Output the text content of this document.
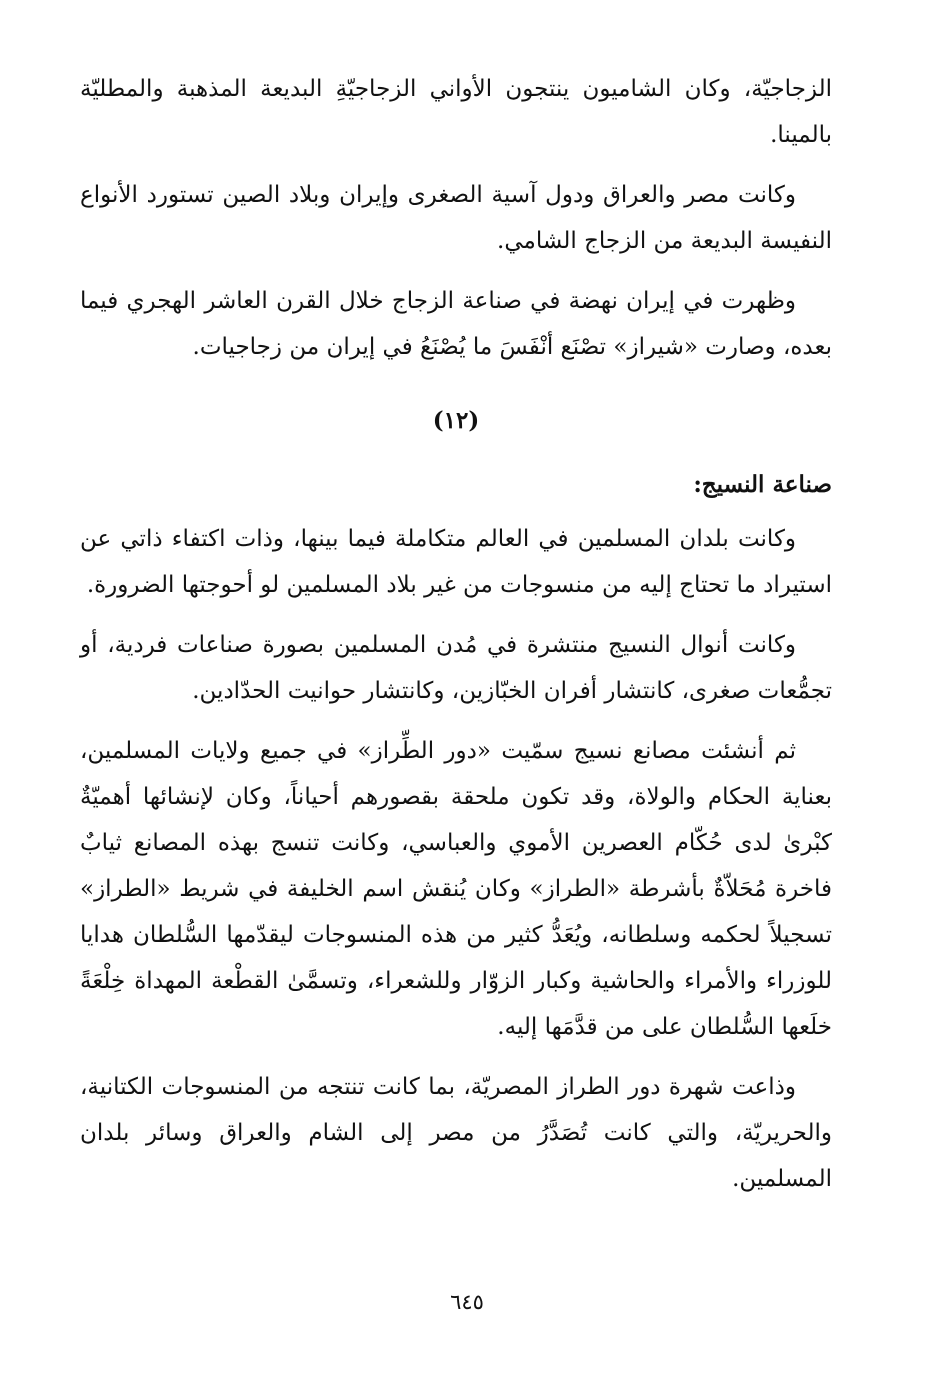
الزجاجيّة، وكان الشاميون ينتجون الأواني الزجاجيّةِ البديعة المذهبة والمطليّة بالمينا.

وكانت مصر والعراق ودول آسية الصغرى وإيران وبلاد الصين تستورد الأنواع النفيسة البديعة من الزجاج الشامي.

وظهرت في إيران نهضة في صناعة الزجاج خلال القرن العاشر الهجري فيما بعده، وصارت «شيراز» تصْنَع أنْفَسَ ما يُصْنَعُ في إيران من زجاجيات.

(١٢)
صناعة النسيج:

وكانت بلدان المسلمين في العالم متكاملة فيما بينها، وذات اكتفاء ذاتي عن استيراد ما تحتاج إليه من منسوجات من غير بلاد المسلمين لو أحوجتها الضرورة.

وكانت أنوال النسيج منتشرة في مُدن المسلمين بصورة صناعات فردية، أو تجمُّعات صغرى، كانتشار أفران الخبّازين، وكانتشار حوانيت الحدّادين.

ثم أنشئت مصانع نسيج سمّيت «دور الطِّراز» في جميع ولايات المسلمين، بعناية الحكام والولاة، وقد تكون ملحقة بقصورهم أحياناً، وكان لإنشائها أهميّةٌ كبْرىٰ لدى حُكّام العصرين الأموي والعباسي، وكانت تنسج بهذه المصانع ثيابٌ فاخرة مُحَلاّةٌ بأشرطة «الطراز» وكان يُنقش اسم الخليفة في شريط «الطراز» تسجيلاً لحكمه وسلطانه، ويُعَدُّ كثير من هذه المنسوجات ليقدّمها السُّلطان هدايا للوزراء والأمراء والحاشية وكبار الزوّار وللشعراء، وتسمَّىٰ القطْعة المهداة خِلْعَةً خلَعها السُّلطان على من قدَّمَها إليه.

وذاعت شهرة دور الطراز المصريّة، بما كانت تنتجه من المنسوجات الكتانية، والحريريّة، والتي كانت تُصَدَّرُ من مصر إلى الشام والعراق وسائر بلدان المسلمين.

٦٤٥
